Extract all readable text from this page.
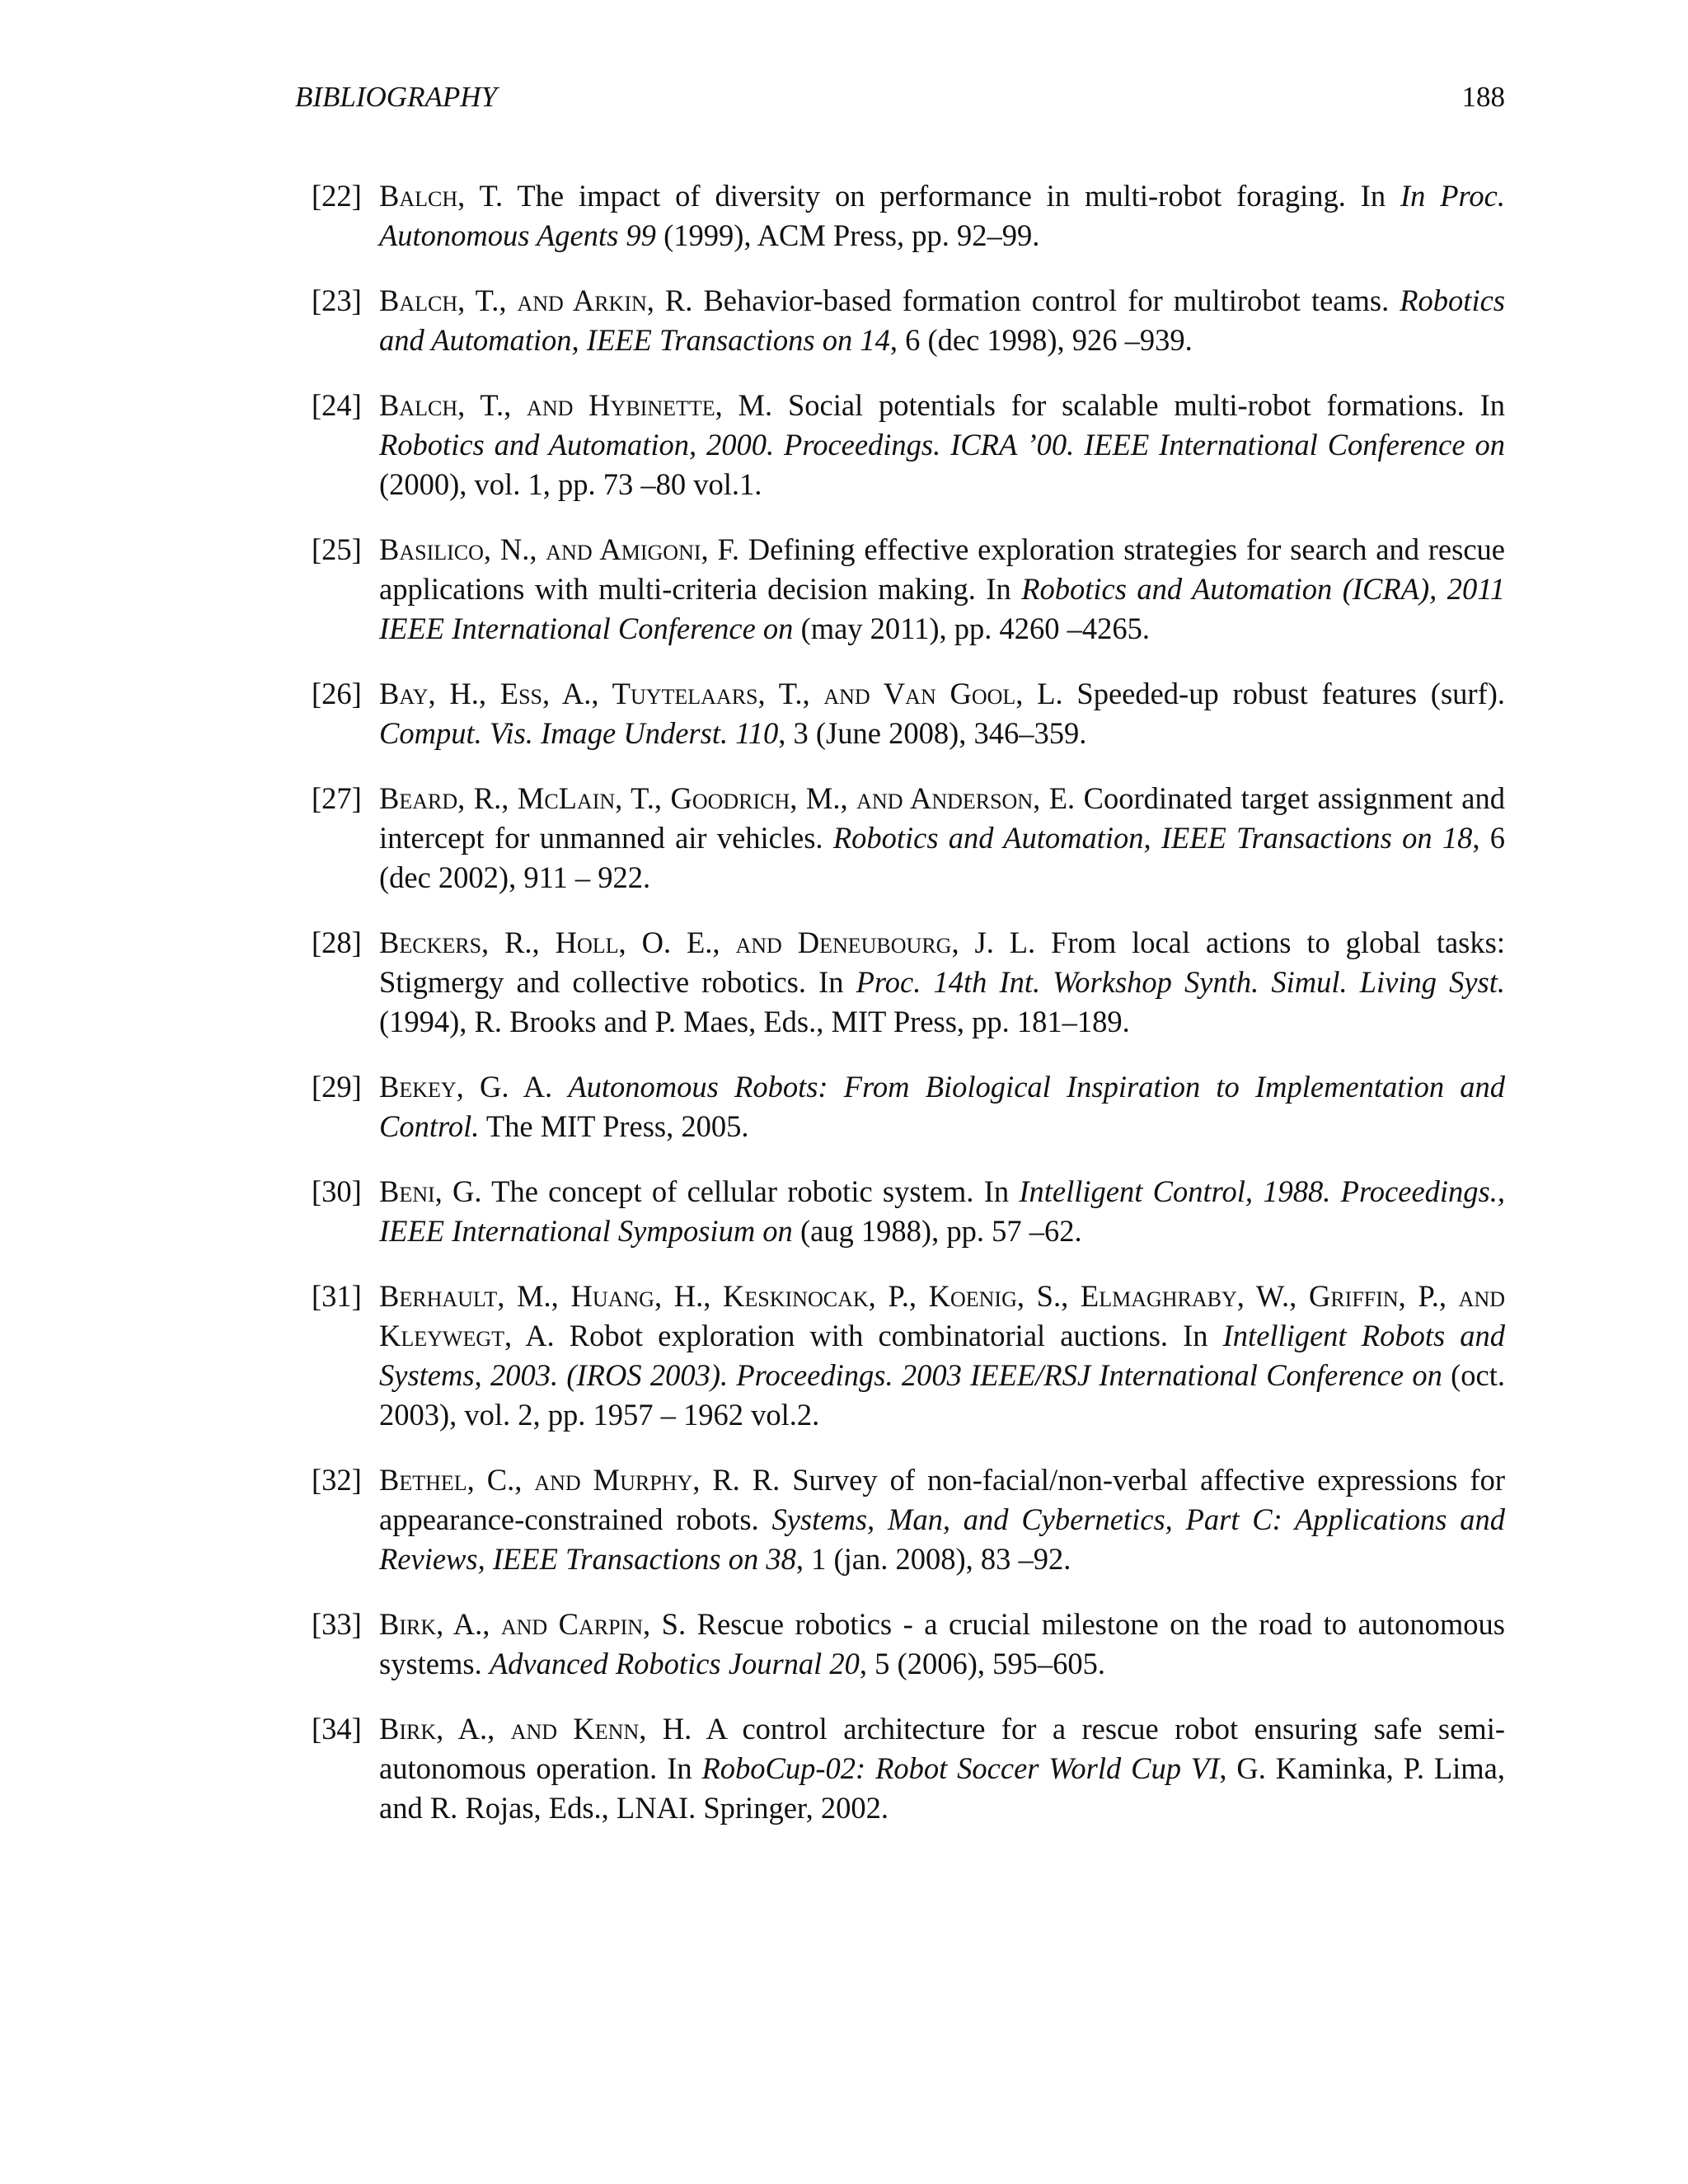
BIBLIOGRAPHY	188
[22] Balch, T. The impact of diversity on performance in multi-robot foraging. In In Proc. Autonomous Agents 99 (1999), ACM Press, pp. 92–99.
[23] Balch, T., and Arkin, R. Behavior-based formation control for multirobot teams. Robotics and Automation, IEEE Transactions on 14, 6 (dec 1998), 926 –939.
[24] Balch, T., and Hybinette, M. Social potentials for scalable multi-robot formations. In Robotics and Automation, 2000. Proceedings. ICRA ’00. IEEE International Conference on (2000), vol. 1, pp. 73 –80 vol.1.
[25] Basilico, N., and Amigoni, F. Defining effective exploration strategies for search and rescue applications with multi-criteria decision making. In Robotics and Automation (ICRA), 2011 IEEE International Conference on (may 2011), pp. 4260 –4265.
[26] Bay, H., Ess, A., Tuytelaars, T., and Van Gool, L. Speeded-up robust features (surf). Comput. Vis. Image Underst. 110, 3 (June 2008), 346–359.
[27] Beard, R., McLain, T., Goodrich, M., and Anderson, E. Coordinated target assignment and intercept for unmanned air vehicles. Robotics and Automation, IEEE Transactions on 18, 6 (dec 2002), 911 – 922.
[28] Beckers, R., Holl, O. E., and Deneubourg, J. L. From local actions to global tasks: Stigmergy and collective robotics. In Proc. 14th Int. Workshop Synth. Simul. Living Syst. (1994), R. Brooks and P. Maes, Eds., MIT Press, pp. 181–189.
[29] Bekey, G. A. Autonomous Robots: From Biological Inspiration to Implementation and Control. The MIT Press, 2005.
[30] Beni, G. The concept of cellular robotic system. In Intelligent Control, 1988. Proceedings., IEEE International Symposium on (aug 1988), pp. 57 –62.
[31] Berhault, M., Huang, H., Keskinocak, P., Koenig, S., Elmaghraby, W., Griffin, P., and Kleywegt, A. Robot exploration with combinatorial auctions. In Intelligent Robots and Systems, 2003. (IROS 2003). Proceedings. 2003 IEEE/RSJ International Conference on (oct. 2003), vol. 2, pp. 1957 – 1962 vol.2.
[32] Bethel, C., and Murphy, R. R. Survey of non-facial/non-verbal affective expressions for appearance-constrained robots. Systems, Man, and Cybernetics, Part C: Applications and Reviews, IEEE Transactions on 38, 1 (jan. 2008), 83 –92.
[33] Birk, A., and Carpin, S. Rescue robotics - a crucial milestone on the road to autonomous systems. Advanced Robotics Journal 20, 5 (2006), 595–605.
[34] Birk, A., and Kenn, H. A control architecture for a rescue robot ensuring safe semi-autonomous operation. In RoboCup-02: Robot Soccer World Cup VI, G. Kaminka, P. Lima, and R. Rojas, Eds., LNAI. Springer, 2002.
